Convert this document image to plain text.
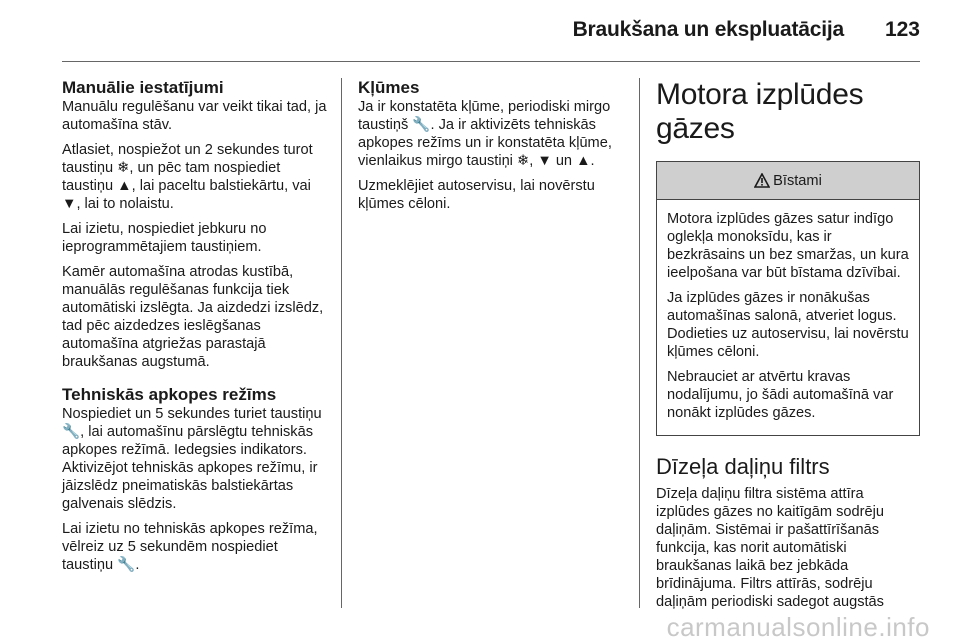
Braukšana un ekspluatācija 123
Manuālie iestatījumi

Manuālu regulēšanu var veikt tikai tad, ja automašīna stāv.

Atlasiet, nospiežot un 2 sekundes turot taustiņu ❄, un pēc tam nospiediet taustiņu ▲, lai paceltu balstiekārtu, vai ▼, lai to nolaistu.

Lai izietu, nospiediet jebkuru no ieprogrammētajiem taustiņiem.

Kamēr automašīna atrodas kustībā, manuālās regulēšanas funkcija tiek automātiski izslēgta. Ja aizdedzi izslēdz, tad pēc aizdedzes ieslēgšanas automašīna atgriežas parastajā braukšanas augstumā.

Tehniskās apkopes režīms

Nospiediet un 5 sekundes turiet taustiņu 🔧, lai automašīnu pārslēgtu tehniskās apkopes režīmā. Iedegsies indikators. Aktivizējot tehniskās apkopes režīmu, ir jāizslēdz pneimatiskās balstiekārtas galvenais slēdzis.

Lai izietu no tehniskās apkopes režīma, vēlreiz uz 5 sekundēm nospiediet taustiņu 🔧.

Kļūmes

Ja ir konstatēta kļūme, periodiski mirgo taustiņš 🔧. Ja ir aktivizēts tehniskās apkopes režīms un ir konstatēta kļūme, vienlaikus mirgo taustiņi ❄, ▼ un ▲.

Uzmeklējiet autoservisu, lai novērstu kļūmes cēloni.

Motora izplūdes gāzes
Bīstami

Motora izplūdes gāzes satur indīgo oglekļa monoksīdu, kas ir bezkrāsains un bez smaržas, un kura ieelpošana var būt bīstama dzīvībai.

Ja izplūdes gāzes ir nonākušas automašīnas salonā, atveriet logus. Dodieties uz autoservisu, lai novērstu kļūmes cēloni.

Nebrauciet ar atvērtu kravas nodalījumu, jo šādi automašīnā var nonākt izplūdes gāzes.

Dīzeļa daļiņu filtrs

Dīzeļa daļiņu filtra sistēma attīra izplūdes gāzes no kaitīgām sodrēju daļiņām. Sistēmai ir pašattīrīšanās funkcija, kas norit automātiski braukšanas laikā bez jebkāda brīdinājuma. Filtrs attīrās, sodrēju daļiņām periodiski sadegot augstās

carmanualsonline.info
